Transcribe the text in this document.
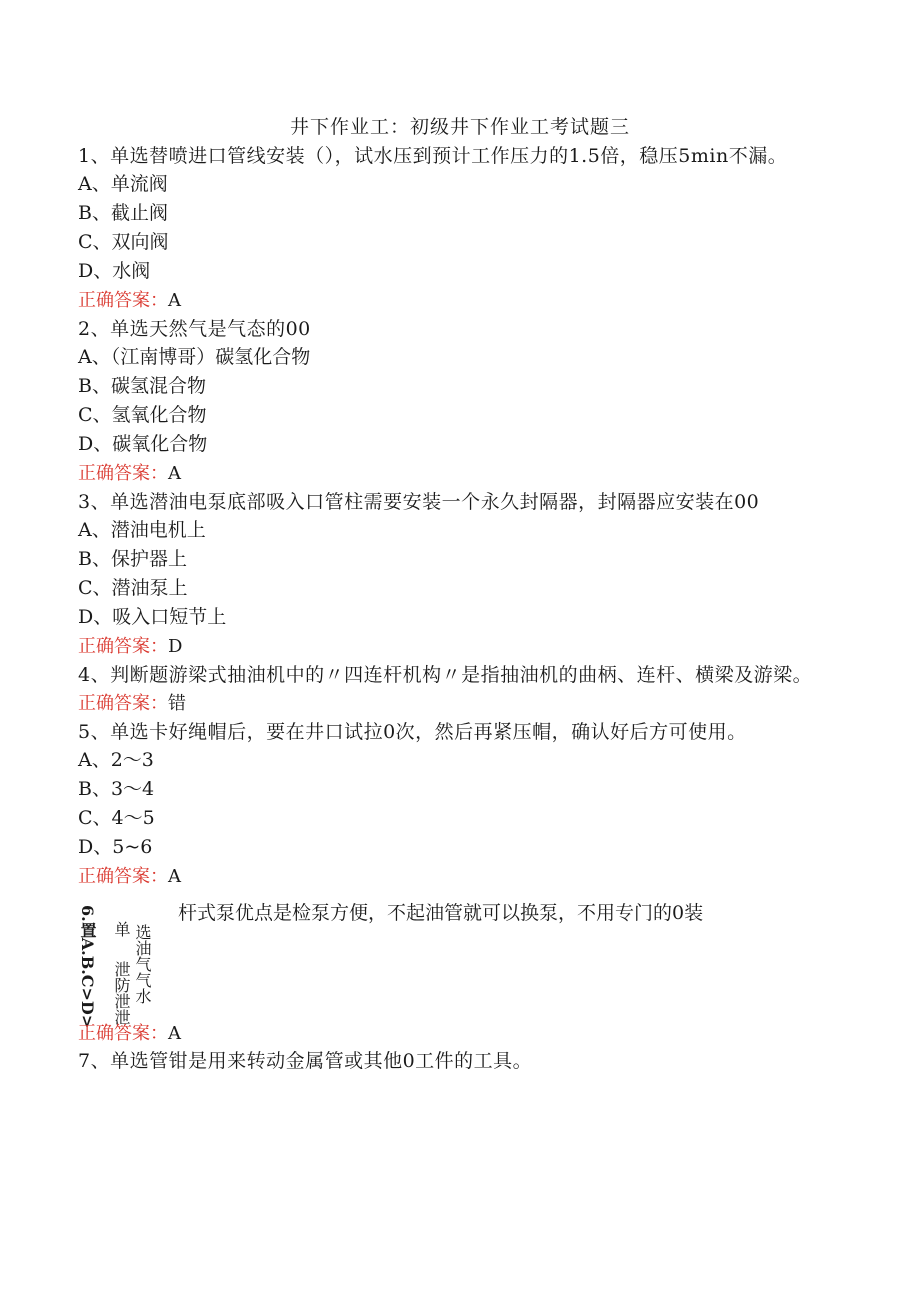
井下作业工：初级井下作业工考试题三

1、单选替喷进口管线安装（），试水压到预计工作压力的1.5倍，稳压5min不漏。

A、单流阀

B、截止阀

C、双向阀

D、水阀

正确答案：A

2、单选天然气是气态的00

A、（江南博哥）碳氢化合物

B、碳氢混合物

C、氢氧化合物

D、碳氧化合物

正确答案：A

3、单选潜油电泵底部吸入口管柱需要安装一个永久封隔器，封隔器应安装在00

A、潜油电机上

B、保护器上

C、潜油泵上

D、吸入口短节上

正确答案：D

4、判断题游梁式抽油机中的〃四连杆机构〃是指抽油机的曲柄、连杆、横梁及游梁。

正确答案：错

5、单选卡好绳帽后，要在井口试拉0次，然后再紧压帽，确认好后方可使用。

A、2～3

B、3～4

C、4～5

D、5~6

正确答案：A

杆式泵优点是检泵方便，不起油管就可以换泵，不用专门的0装
6.置A.B.C>D> 单
泄防泄泄 选油气气水

正确答案：A

7、单选管钳是用来转动金属管或其他0工件的工具。
